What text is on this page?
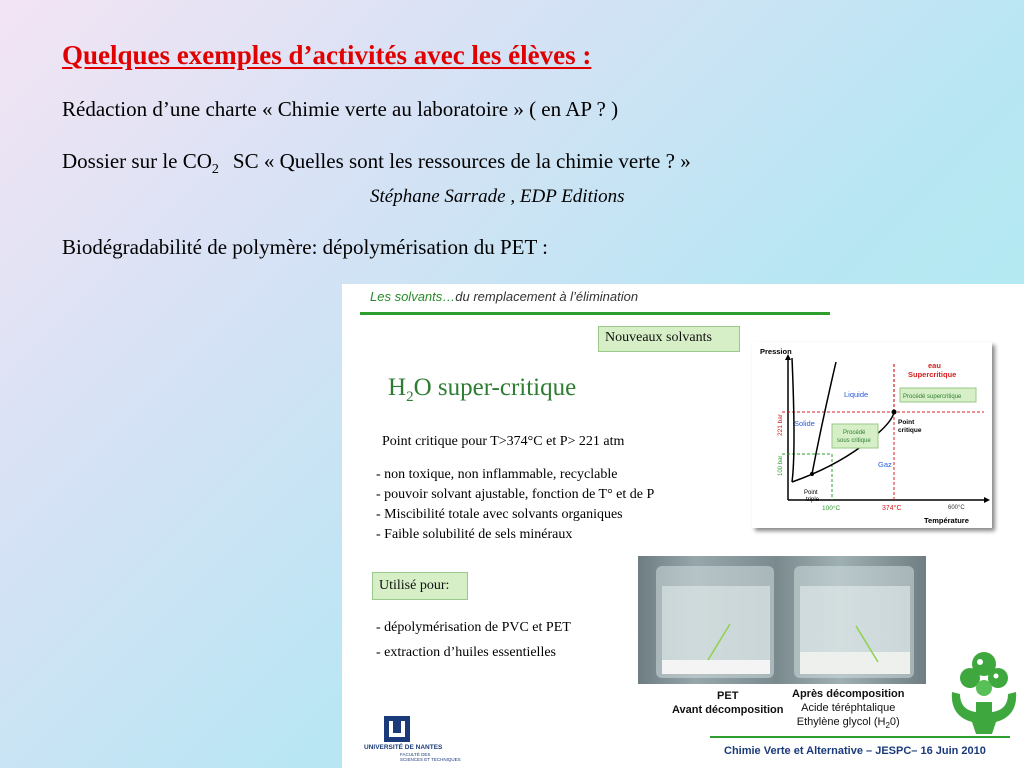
Quelques exemples d’activités avec les élèves :
Rédaction d’une charte « Chimie verte au laboratoire » ( en AP ? )
Dossier sur le $CO_2$ SC « Quelles sont les ressources de la chimie verte ? »
Stéphane Sarrade , EDP Editions
Biodégradabilité de polymère: dépolymérisation du PET :
Les solvants…du remplacement à l’élimination
Nouveaux solvants
$H_2O$ super-critique
Point critique pour T>374°C et P> 221 atm
- non toxique, non inflammable, recyclable
- pouvoir solvant ajustable, fonction de T° et de P
- Miscibilité totale avec solvants organiques
- Faible solubilité de sels minéraux
Utilisé pour:
- dépolymérisation de PVC et PET
- extraction d’huiles essentielles
Pression
Température
221 bar
100 bar
100°C	374°C	600°C
Solide
Liquide
Gaz
eau
Supercritique
Point
triple
Point
critique
Procédé supercritique
Procédé
sous critique
PET
Avant décomposition
Après décomposition
Acide téréphtalique
Ethylène glycol $(H_20)$
UNIVERSITÉ DE NANTES
FACULTÉ DES
SCIENCES ET TECHNIQUES
Chimie Verte et Alternative – JESPC– 16 Juin 2010
